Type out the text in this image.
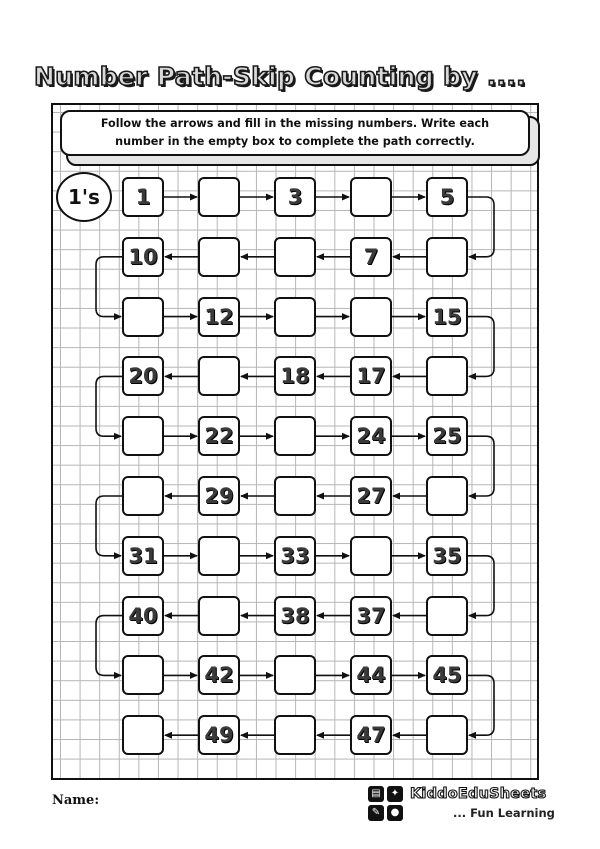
Number Path-Skip Counting by ....
Follow the arrows and fill in the missing numbers. Write each number in the empty box to complete the path correctly.
1's	1	3	5
10	7
12	15
20	18	17
22	24	25
29	27
31	33	35
40	38	37
42	44	45
49	47
Name:	▤	✦
✎	●
KiddoEduSheets
... Fun Learning
